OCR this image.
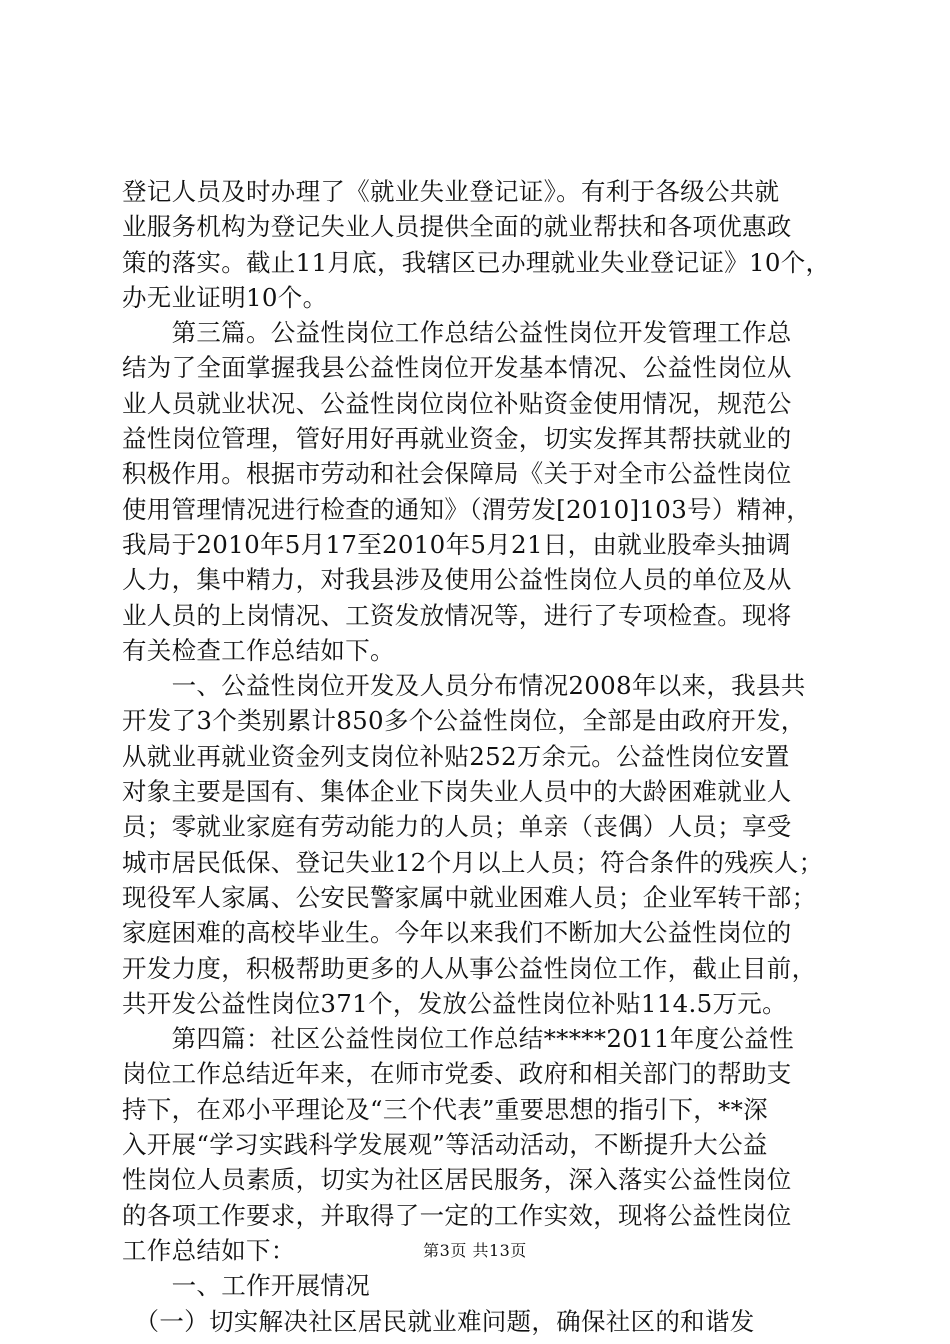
登记人员及时办理了《就业失业登记证》。有利于各级公共就
业服务机构为登记失业人员提供全面的就业帮扶和各项优惠政
策的落实。截止11月底，我辖区已办理就业失业登记证》10个，
办无业证明10个。
　　第三篇。公益性岗位工作总结公益性岗位开发管理工作总
结为了全面掌握我县公益性岗位开发基本情况、公益性岗位从
业人员就业状况、公益性岗位岗位补贴资金使用情况，规范公
益性岗位管理，管好用好再就业资金，切实发挥其帮扶就业的
积极作用。根据市劳动和社会保障局《关于对全市公益性岗位
使用管理情况进行检查的通知》（渭劳发[2010]103号）精神，
我局于2010年5月17至2010年5月21日，由就业股牵头抽调
人力，集中精力，对我县涉及使用公益性岗位人员的单位及从
业人员的上岗情况、工资发放情况等，进行了专项检查。现将
有关检查工作总结如下。
　　一、公益性岗位开发及人员分布情况2008年以来，我县共
开发了3个类别累计850多个公益性岗位，全部是由政府开发，
从就业再就业资金列支岗位补贴252万余元。公益性岗位安置
对象主要是国有、集体企业下岗失业人员中的大龄困难就业人
员；零就业家庭有劳动能力的人员；单亲（丧偶）人员；享受
城市居民低保、登记失业12个月以上人员；符合条件的残疾人；
现役军人家属、公安民警家属中就业困难人员；企业军转干部；
家庭困难的高校毕业生。今年以来我们不断加大公益性岗位的
开发力度，积极帮助更多的人从事公益性岗位工作，截止目前，
共开发公益性岗位371个，发放公益性岗位补贴114.5万元。
　　第四篇：社区公益性岗位工作总结*****2011年度公益性
岗位工作总结近年来，在师市党委、政府和相关部门的帮助支
持下，在邓小平理论及“三个代表”重要思想的指引下，**深
入开展“学习实践科学发展观”等活动活动，不断提升大公益
性岗位人员素质，切实为社区居民服务，深入落实公益性岗位
的各项工作要求，并取得了一定的工作实效，现将公益性岗位
工作总结如下：
　　一、工作开展情况
　（一）切实解决社区居民就业难问题，确保社区的和谐发
第3页 共13页
